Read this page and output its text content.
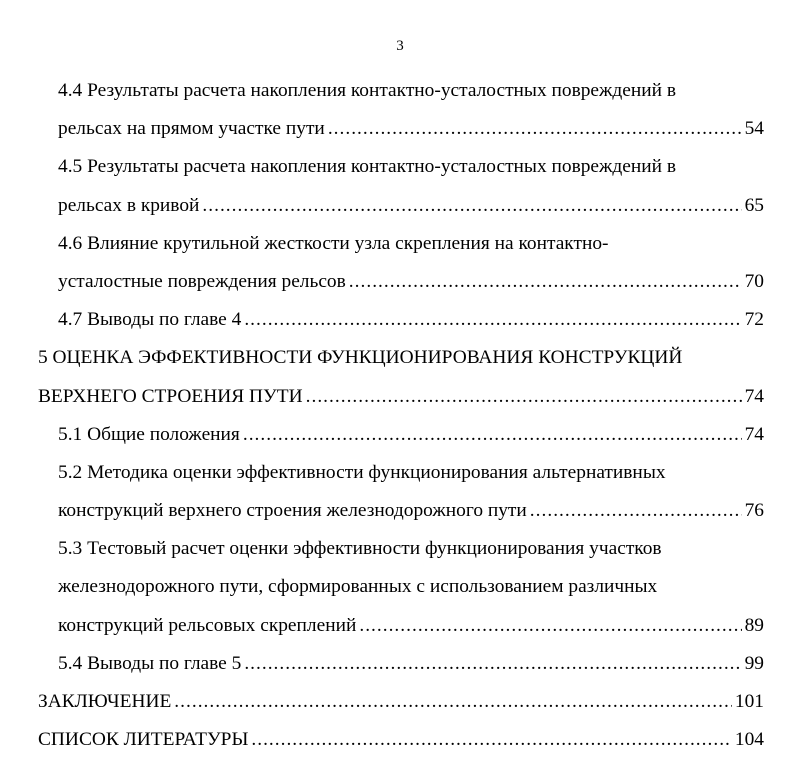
3
4.4 Результаты расчета накопления контактно-усталостных повреждений в
рельсах на прямом участке пути .....	54
4.5 Результаты расчета накопления контактно-усталостных повреждений в
рельсах в кривой .....	65
4.6 Влияние крутильной жесткости узла скрепления на контактно-
усталостные повреждения рельсов .....	70
4.7 Выводы по главе 4 .....	72
5 ОЦЕНКА ЭФФЕКТИВНОСТИ ФУНКЦИОНИРОВАНИЯ КОНСТРУКЦИЙ
ВЕРХНЕГО СТРОЕНИЯ ПУТИ .....	74
5.1 Общие положения .....	74
5.2 Методика оценки эффективности функционирования альтернативных
конструкций верхнего строения железнодорожного пути .....	76
5.3 Тестовый расчет оценки эффективности функционирования участков
железнодорожного пути, сформированных с использованием различных
конструкций рельсовых скреплений .....	89
5.4 Выводы по главе 5 .....	99
ЗАКЛЮЧЕНИЕ .....	101
СПИСОК ЛИТЕРАТУРЫ .....	104
